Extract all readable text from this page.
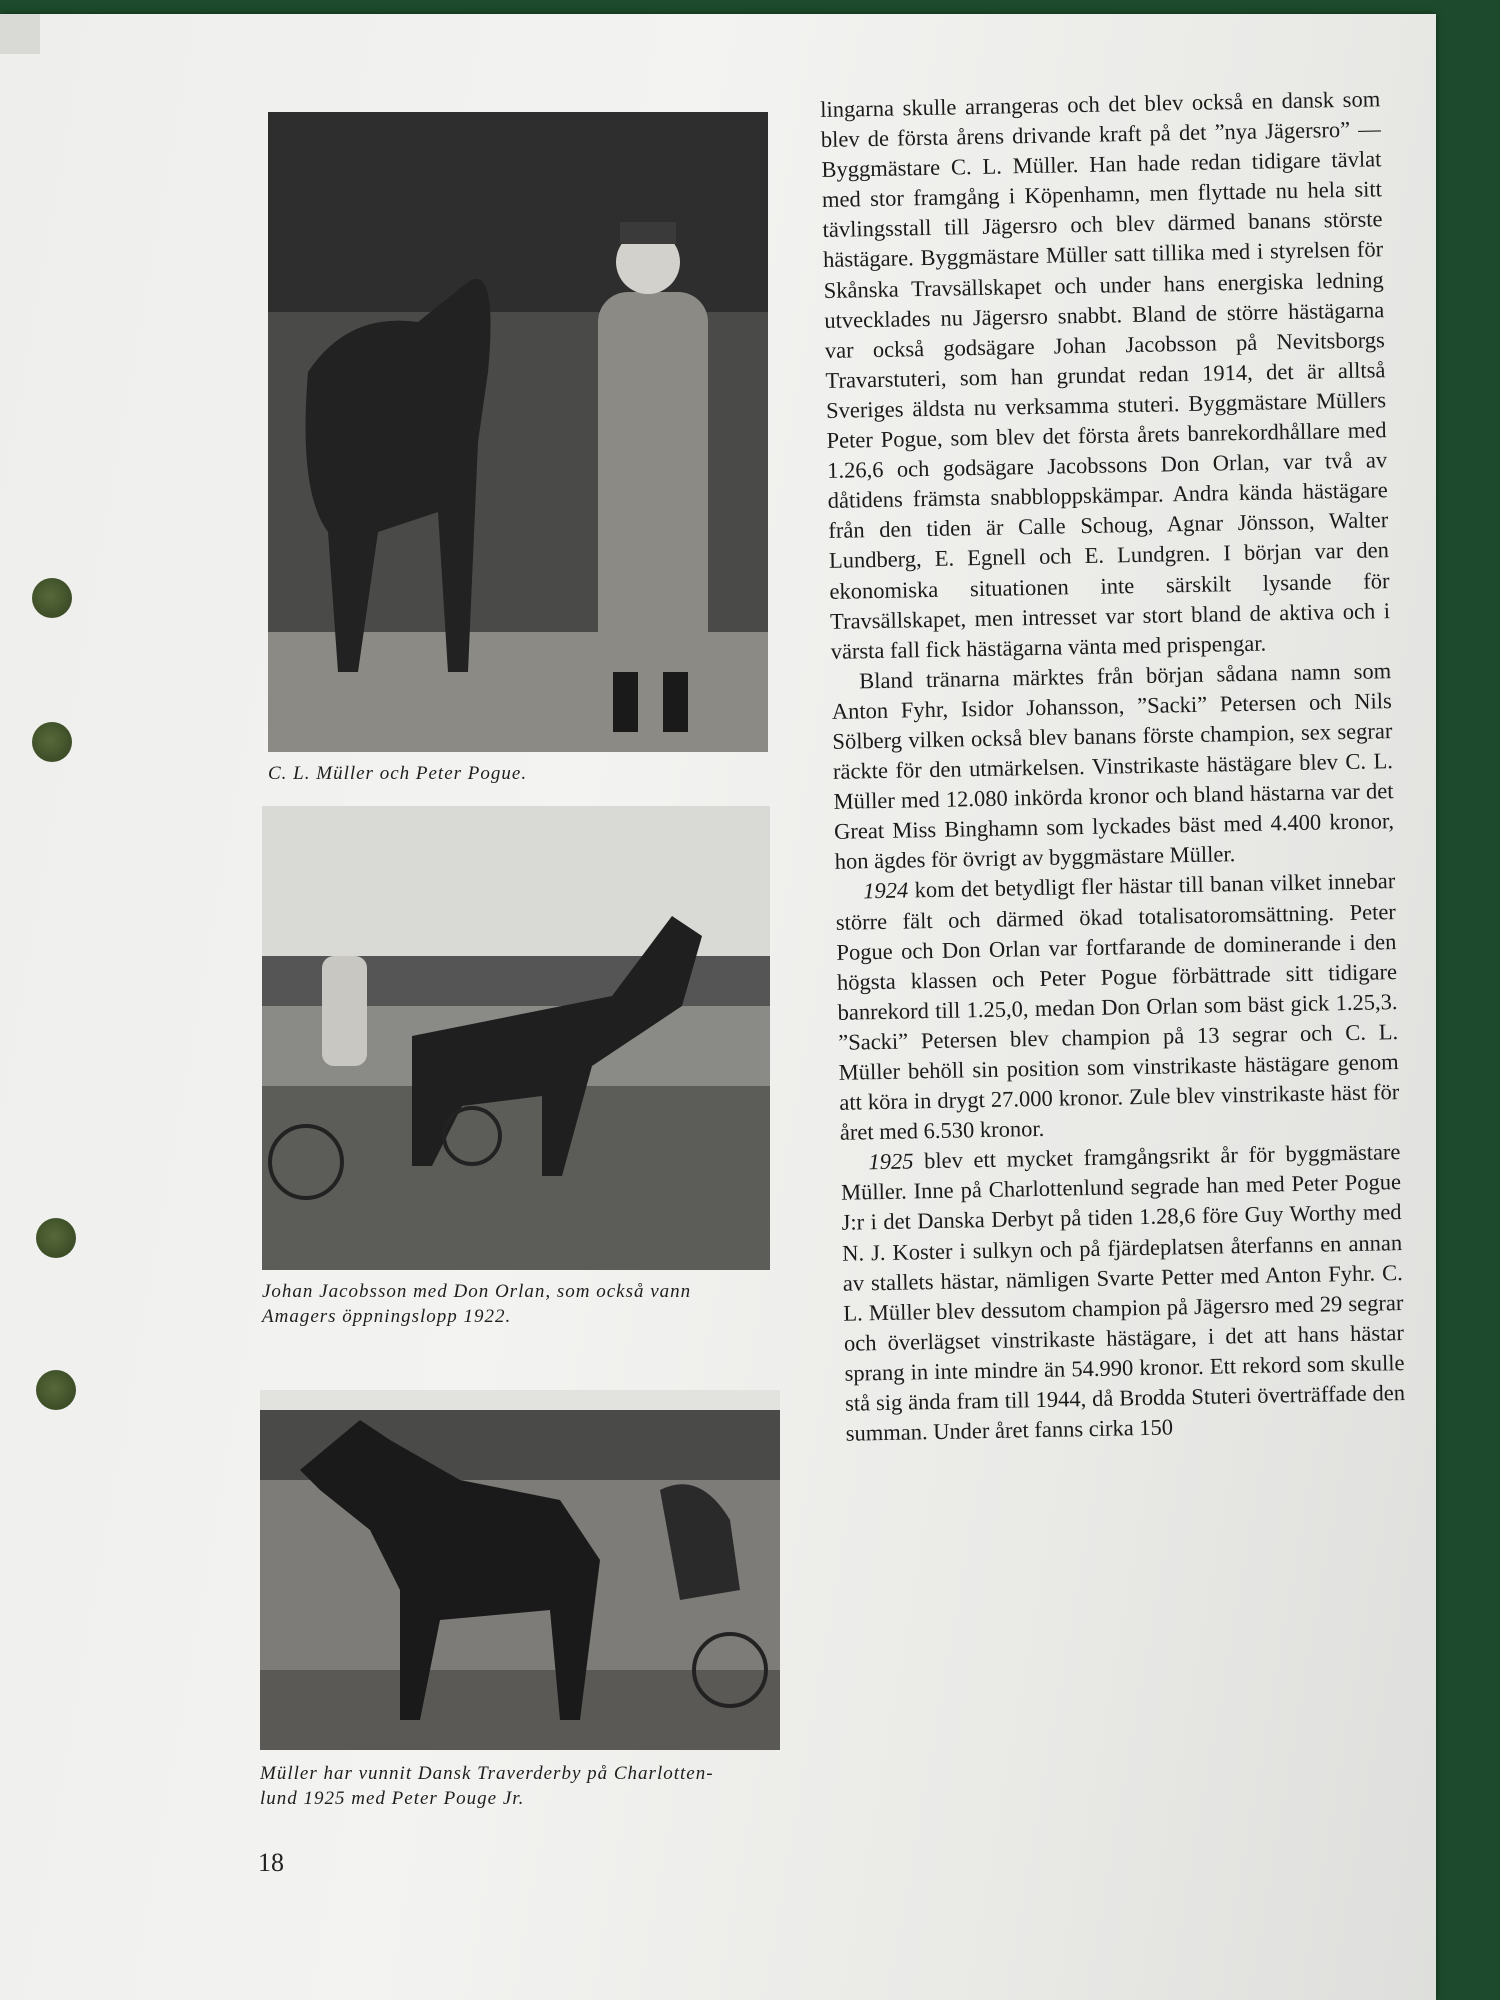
C. L. Müller och Peter Pogue.
Johan Jacobsson med Don Orlan, som också vann
Amagers öppningslopp 1922.
Müller har vunnit Dansk Traverderby på Charlotten-
lund 1925 med Peter Pouge Jr.

lingarna skulle arrangeras och det blev också en dansk som blev de första årens drivande kraft på det ”nya Jägersro” — Byggmästare C. L. Müller. Han hade redan tidigare tävlat med stor framgång i Köpenhamn, men flyttade nu hela sitt tävlingsstall till Jägersro och blev därmed banans störste hästägare. Byggmästare Müller satt tillika med i styrelsen för Skånska Travsällskapet och under hans energiska ledning utvecklades nu Jägersro snabbt. Bland de större hästägarna var också godsägare Johan Jacobsson på Nevitsborgs Travarstuteri, som han grundat redan 1914, det är alltså Sveriges äldsta nu verksamma stuteri. Byggmästare Müllers Peter Pogue, som blev det första årets banrekordhållare med 1.26,6 och godsägare Jacobssons Don Orlan, var två av dåtidens främsta snabbloppskämpar. Andra kända hästägare från den tiden är Calle Schoug, Agnar Jönsson, Walter Lundberg, E. Egnell och E. Lundgren. I början var den ekonomiska situationen inte särskilt lysande för Travsällskapet, men intresset var stort bland de aktiva och i värsta fall fick hästägarna vänta med prispengar.

Bland tränarna märktes från början sådana namn som Anton Fyhr, Isidor Johansson, ”Sacki” Petersen och Nils Sölberg vilken också blev banans förste champion, sex segrar räckte för den utmärkelsen. Vinstrikaste hästägare blev C. L. Müller med 12.080 inkörda kronor och bland hästarna var det Great Miss Binghamn som lyckades bäst med 4.400 kronor, hon ägdes för övrigt av byggmästare Müller.

1924 kom det betydligt fler hästar till banan vilket innebar större fält och därmed ökad totalisatoromsättning. Peter Pogue och Don Orlan var fortfarande de dominerande i den högsta klassen och Peter Pogue förbättrade sitt tidigare banrekord till 1.25,0, medan Don Orlan som bäst gick 1.25,3. ”Sacki” Petersen blev champion på 13 segrar och C. L. Müller behöll sin position som vinstrikaste hästägare genom att köra in drygt 27.000 kronor. Zule blev vinstrikaste häst för året med 6.530 kronor.

1925 blev ett mycket framgångsrikt år för byggmästare Müller. Inne på Charlottenlund segrade han med Peter Pogue J:r i det Danska Derbyt på tiden 1.28,6 före Guy Worthy med N. J. Koster i sulkyn och på fjärdeplatsen återfanns en annan av stallets hästar, nämligen Svarte Petter med Anton Fyhr. C. L. Müller blev dessutom champion på Jägersro med 29 segrar och överlägset vinstrikaste hästägare, i det att hans hästar sprang in inte mindre än 54.990 kronor. Ett rekord som skulle stå sig ända fram till 1944, då Brodda Stuteri överträffade den summan. Under året fanns cirka 150

18
